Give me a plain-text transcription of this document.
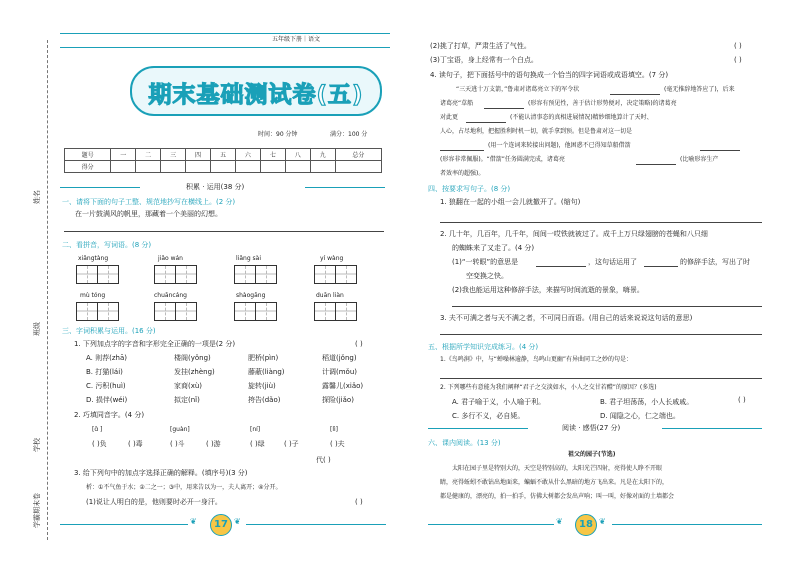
五年级下册｜语文
姓名
班级
学校
学霸期末卷
期末基础测试卷(五)
时间：90 分钟	满分：100 分
题号	一	二	三	四	五	六	七	八	九	总分
得分										
积累 · 运用(38 分)
一、请将下面的句子工整、规范地抄写在横线上。(2 分)
在一片鼓满风的帆里，那藏着一个美丽的幻想。
二、看拼音，写词语。(8 分)
xiǎngtàng	jiǎo wán	liǎng sài	yí wàng
mù tóng	chuāncáng	shàogāng	duān liàn
三、字词积累与运用。(16 分)
1. 下列加点字的字音和字形完全正确的一项是(2 分)	( )
A. 则荐(zhā)	楼阁(yǒng)	肥桥(pìn)	稻道(jǒng)
B. 打猫(lái)	发挂(zhèng)	藤蔽(liàng)	计调(mǒu)
C. 污积(huì)	家商(xù)	旋转(jiù)	露馨儿(xiǎo)
D. 损伴(wéi)	拟定(nǐ)	挎告(dǎo)	探险(jiǎo)
2. 巧填同音字。(4 分)
[ɑ̄ ]	[guàn]	[ní]	[lì]
( )负	( )毒	( )斗	( )游	( )绿	( )子	( )夫
代( )
3. 给下列句中的加点字选择正确的解释。(填序号)(3 分)
析：①不气鱼于水；②二之一；③中，用来告以为一，夫人离开；④分开。
(1)说让人明白的是，他则要时必开一身汗。	( )
❦	17 ❦
(2)挑了打草，严肃生活了气性。	( )
(3)丁宝语，身上经常有一个白点。	( )
4. 读句子，把下面括号中的语句换成一个恰当的四字词语或成语填空。(7 分)
“三天逃十万支箭，”鲁肃对诸葛亮立下的军令状	(毫无推辞地答应了)，后来
诸葛亮“草船	(形容有预见性，善于估计形势便对，决定策略)的诸葛亮
对此更	(不能认清事态的真相进展情况)精妙细地算计了天时、
人心，占尽地利，把握胜利时机一切，就手拿到预。但是鲁肃对这一切是
(用一个连词来转接出问题)，他困惑不已得知草船借箭
(形容非常佩服)。“借箭”任务圆满完成，诸葛亮	(比喻形容生产
者效率的超强)。
四、按要求写句子。(8 分)
1. 狼翻在一起的小组一会儿就撤开了。(缩句)
2. 几十年，几百年，几千年，间间一哎铁就被过了。成千上万只绿翅膀的苍蝇和八只细
的蜘蛛来了又走了。(4 分)
(1)“一转眼”的意思是	，这句话运用了	的修辞手法，写出了时
空变换之快。
(2)我也能运用这种修辞手法，来描写时间流逝的景象，嗨景。
3. 夫不可满之者与天不满之者，不可同日而语。(用自己的话来说说这句话的意思)
五、根据所学知识完成练习。(4 分)
1.《鸟鸣涧》中，与“蝉噪林逾静，鸟鸣山更幽”有异曲同工之妙的句是：
2. 下列哪些有意能为我们阐释“君子之交淡如水，小人之交甘若醴”的原因？(多选)
( )
A. 君子喻于义，小人喻于利。	B. 君子坦荡荡，小人长戚戚。
C. 多行不义，必自毙。	D. 闻隐之心，仁之端也。
阅读 · 感悟(27 分)
六、课内阅读。(13 分)
祖父的园子(节选)
太阳在园子里是特别大的，天空是特别高的，太阳光芒四射，亮得使人睁不开眼
睛，亮得蚯蚓不敢钻出地面来，蝙蝠不敢从什么黑暗的地方飞出来。凡是在太阳下的，
都是健康的，漂亮的，拍一拍手，仿佛大树都会发出声响；叫一叫，好像对面的土墙都会
❦	18 ❦
